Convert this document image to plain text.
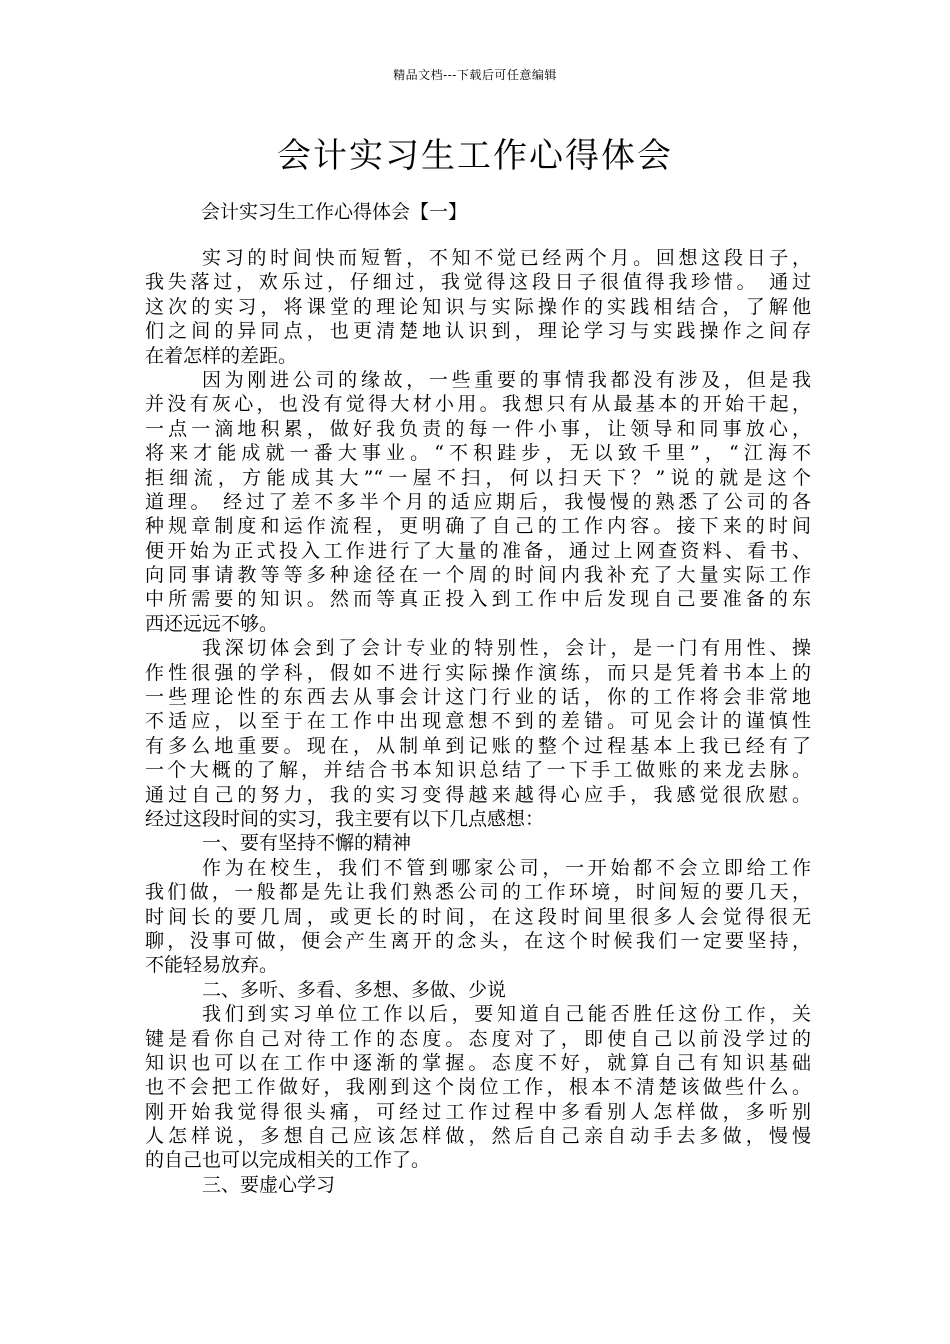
精品文档---下载后可任意编辑
会计实习生工作心得体会
会计实习生工作心得体会【一】
实习的时间快而短暂，不知不觉已经两个月。回想这段日子，
我失落过，欢乐过，仔细过，我觉得这段日子很值得我珍惜。 通过
这次的实习，将课堂的理论知识与实际操作的实践相结合，了解他
们之间的异同点，也更清楚地认识到，理论学习与实践操作之间存
在着怎样的差距。
因为刚进公司的缘故，一些重要的事情我都没有涉及，但是我
并没有灰心，也没有觉得大材小用。我想只有从最基本的开始干起，
一点一滴地积累，做好我负责的每一件小事，让领导和同事放心，
将来才能成就一番大事业。“不积跬步，无以致千里”，“江海不
拒细流，方能成其大”“一屋不扫，何以扫天下？”说的就是这个
道理。 经过了差不多半个月的适应期后，我慢慢的熟悉了公司的各
种规章制度和运作流程，更明确了自己的工作内容。接下来的时间
便开始为正式投入工作进行了大量的准备，通过上网查资料、看书、
向同事请教等等多种途径在一个周的时间内我补充了大量实际工作
中所需要的知识。然而等真正投入到工作中后发现自己要准备的东
西还远远不够。
我深切体会到了会计专业的特别性，会计，是一门有用性、操
作性很强的学科，假如不进行实际操作演练，而只是凭着书本上的
一些理论性的东西去从事会计这门行业的话，你的工作将会非常地
不适应，以至于在工作中出现意想不到的差错。可见会计的谨慎性
有多么地重要。现在，从制单到记账的整个过程基本上我已经有了
一个大概的了解，并结合书本知识总结了一下手工做账的来龙去脉。
通过自己的努力，我的实习变得越来越得心应手，我感觉很欣慰。
经过这段时间的实习，我主要有以下几点感想：
一、要有坚持不懈的精神
作为在校生，我们不管到哪家公司，一开始都不会立即给工作
我们做，一般都是先让我们熟悉公司的工作环境，时间短的要几天，
时间长的要几周，或更长的时间，在这段时间里很多人会觉得很无
聊，没事可做，便会产生离开的念头，在这个时候我们一定要坚持，
不能轻易放弃。
二、多听、多看、多想、多做、少说
我们到实习单位工作以后，要知道自己能否胜任这份工作，关
键是看你自己对待工作的态度。态度对了，即使自己以前没学过的
知识也可以在工作中逐渐的掌握。态度不好，就算自己有知识基础
也不会把工作做好，我刚到这个岗位工作，根本不清楚该做些什么。
刚开始我觉得很头痛，可经过工作过程中多看别人怎样做，多听别
人怎样说，多想自己应该怎样做，然后自己亲自动手去多做，慢慢
的自己也可以完成相关的工作了。
三、要虚心学习
